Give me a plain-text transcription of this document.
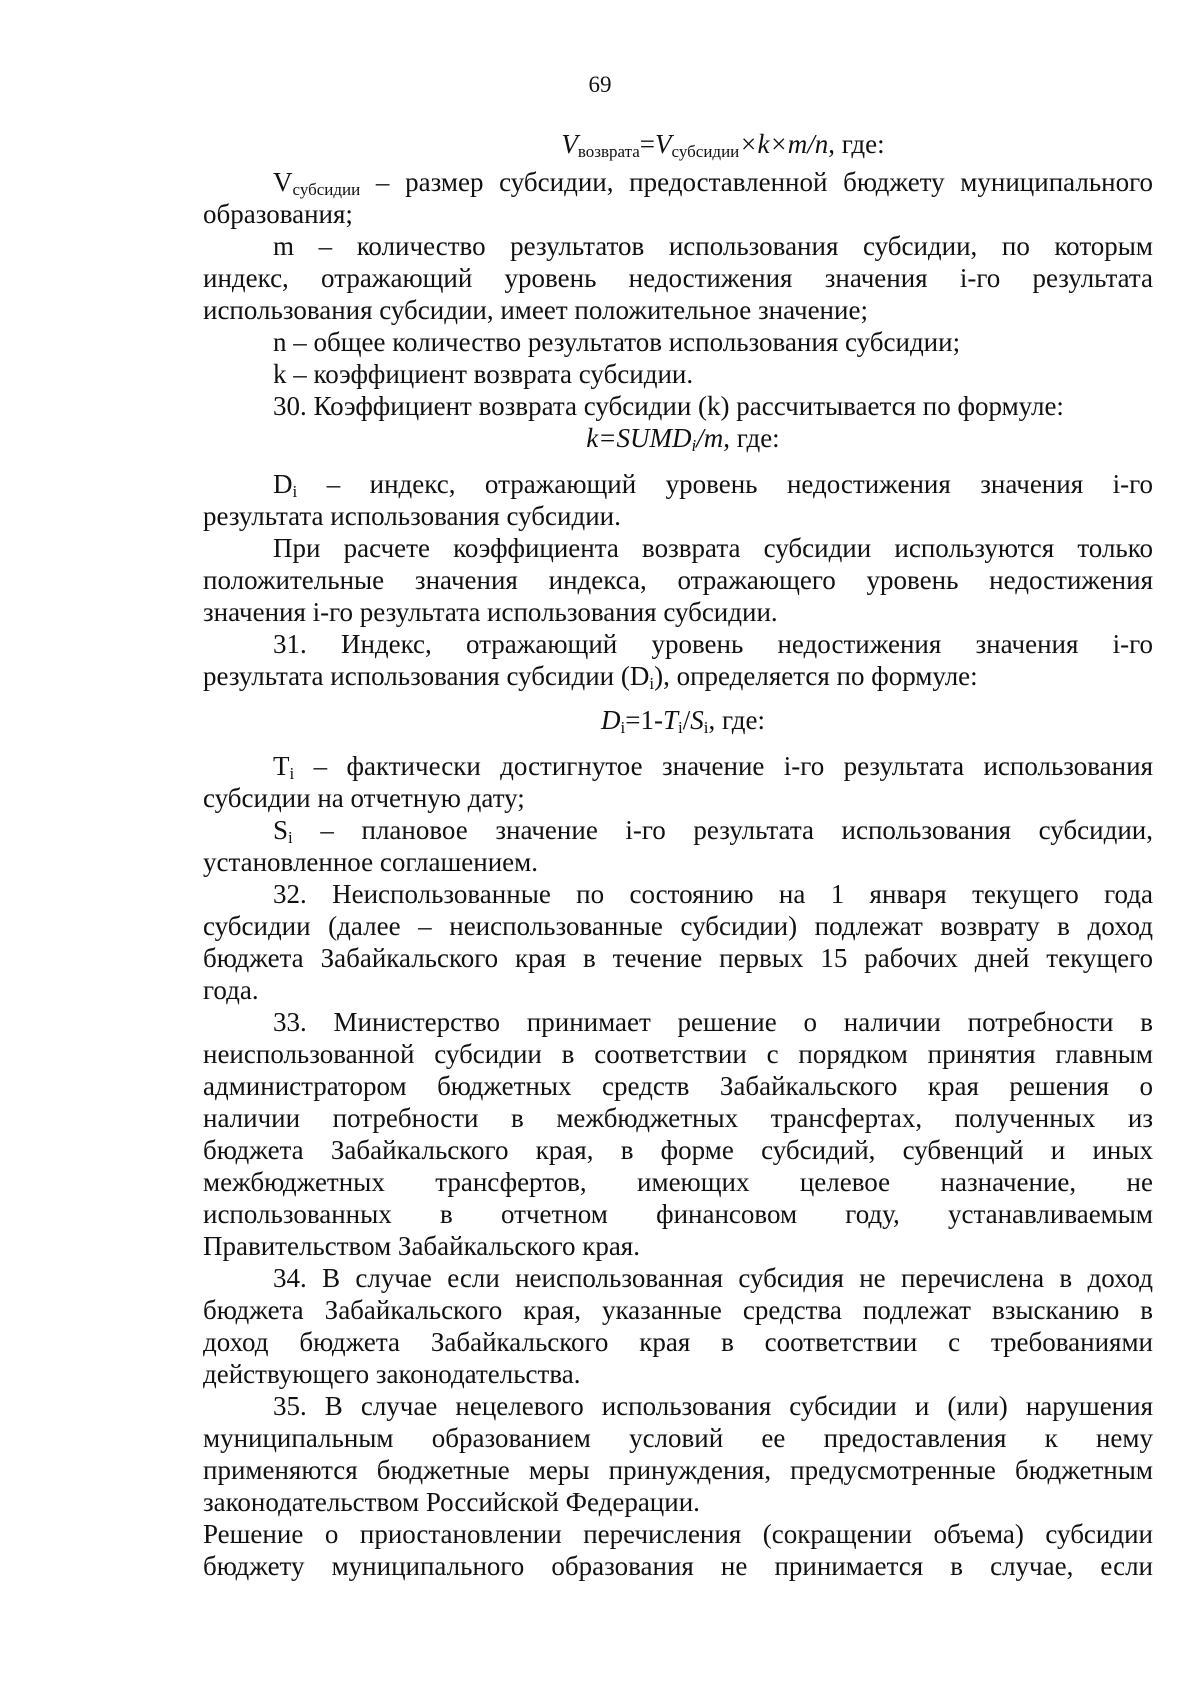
69
$V_{возврата}=V_{субсидии}\times k\times m/n$, где:
$V_{субсидии}$ – размер субсидии, предоставленной бюджету муниципального
образования;
m – количество результатов использования субсидии, по которым
индекс, отражающий уровень недостижения значения i-го результата
использования субсидии, имеет положительное значение;
n – общее количество результатов использования субсидии;
k – коэффициент возврата субсидии.
30. Коэффициент возврата субсидии (k) рассчитывается по формуле:
k=SUMDi/m, где:
$D_i$ – индекс, отражающий уровень недостижения значения i-го
результата использования субсидии.
При расчете коэффициента возврата субсидии используются только
положительные значения индекса, отражающего уровень недостижения
значения i-го результата использования субсидии.
31. Индекс, отражающий уровень недостижения значения i-го
результата использования субсидии $(D_i)$, определяется по формуле:
$D_i=1-T_i/S_i$, где:
$T_i$ – фактически достигнутое значение i-го результата использования
субсидии на отчетную дату;
$S_i$ – плановое значение i-го результата использования субсидии,
установленное соглашением.
32. Неиспользованные по состоянию на 1 января текущего года
субсидии (далее – неиспользованные субсидии) подлежат возврату в доход
бюджета Забайкальского края в течение первых 15 рабочих дней текущего
года.
33. Министерство принимает решение о наличии потребности в
неиспользованной субсидии в соответствии с порядком принятия главным
администратором бюджетных средств Забайкальского края решения о
наличии потребности в межбюджетных трансфертах, полученных из
бюджета Забайкальского края, в форме субсидий, субвенций и иных
межбюджетных трансфертов, имеющих целевое назначение, не
использованных в отчетном финансовом году, устанавливаемым
Правительством Забайкальского края.
34. В случае если неиспользованная субсидия не перечислена в доход
бюджета Забайкальского края, указанные средства подлежат взысканию в
доход бюджета Забайкальского края в соответствии с требованиями
действующего законодательства.
35. В случае нецелевого использования субсидии и (или) нарушения
муниципальным образованием условий ее предоставления к нему
применяются бюджетные меры принуждения, предусмотренные бюджетным
законодательством Российской Федерации.
Решение о приостановлении перечисления (сокращении объема) субсидии
бюджету муниципального образования не принимается в случае, если
